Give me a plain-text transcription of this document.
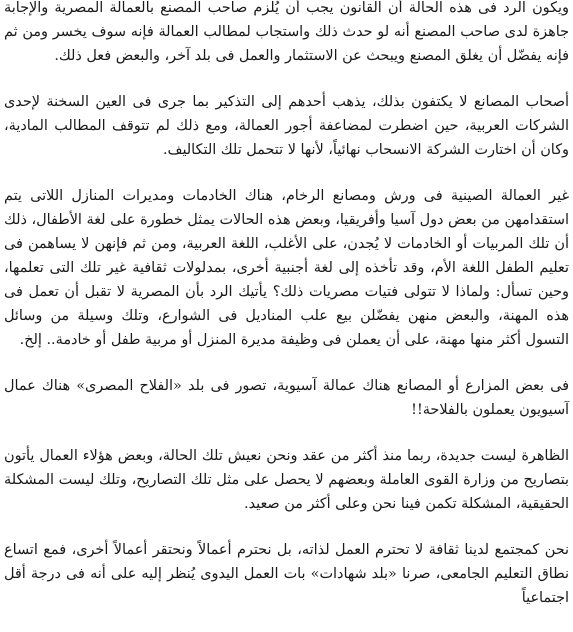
ويكون الرد فى هذه الحالة أن القانون يجب أن يُلزم صاحب المصنع بالعمالة المصرية والإجابة جاهزة لدى صاحب المصنع أنه لو حدث ذلك واستجاب لمطالب العمالة فإنه سوف يخسر ومن ثم فإنه يفضّل أن يغلق المصنع ويبحث عن الاستثمار والعمل فى بلد آخر، والبعض فعل ذلك.

أصحاب المصانع لا يكتفون بذلك، يذهب أحدهم إلى التذكير بما جرى فى العين السخنة لإحدى الشركات العربية، حين اضطرت لمضاعفة أجور العمالة، ومع ذلك لم تتوقف المطالب المادية، وكان أن اختارت الشركة الانسحاب نهائياً، لأنها لا تتحمل تلك التكاليف.

غير العمالة الصينية فى ورش ومصانع الرخام، هناك الخادمات ومديرات المنازل اللاتى يتم استقدامهن من بعض دول آسيا وأفريقيا، وبعض هذه الحالات يمثل خطورة على لغة الأطفال، ذلك أن تلك المربيات أو الخادمات لا يُجدن، على الأغلب، اللغة العربية، ومن ثم فإنهن لا يساهمن فى تعليم الطفل اللغة الأم، وقد تأخذه إلى لغة أجنبية أخرى، بمدلولات ثقافية غير تلك التى تعلمها، وحين تسأل: ولماذا لا تتولى فتيات مصريات ذلك؟ يأتيك الرد بأن المصرية لا تقبل أن تعمل فى هذه المهنة، والبعض منهن يفضّلن بيع علب المناديل فى الشوارع، وتلك وسيلة من وسائل التسول أكثر منها مهنة، على أن يعملن فى وظيفة مديرة المنزل أو مربية طفل أو خادمة.. إلخ.

فى بعض المزارع أو المصانع هناك عمالة آسيوية، تصور فى بلد «الفلاح المصرى» هناك عمال آسيويون يعملون بالفلاحة!!

الظاهرة ليست جديدة، ربما منذ أكثر من عقد ونحن نعيش تلك الحالة، وبعض هؤلاء العمال يأتون بتصاريح من وزارة القوى العاملة وبعضهم لا يحصل على مثل تلك التصاريح، وتلك ليست المشكلة الحقيقية، المشكلة تكمن فينا نحن وعلى أكثر من صعيد.

نحن كمجتمع لدينا ثقافة لا تحترم العمل لذاته، بل نحترم أعمالاً ونحتقر أعمالاً أخرى، فمع اتساع نطاق التعليم الجامعى، صرنا «بلد شهادات» بات العمل اليدوى يُنظر إليه على أنه فى درجة أقل اجتماعياً
